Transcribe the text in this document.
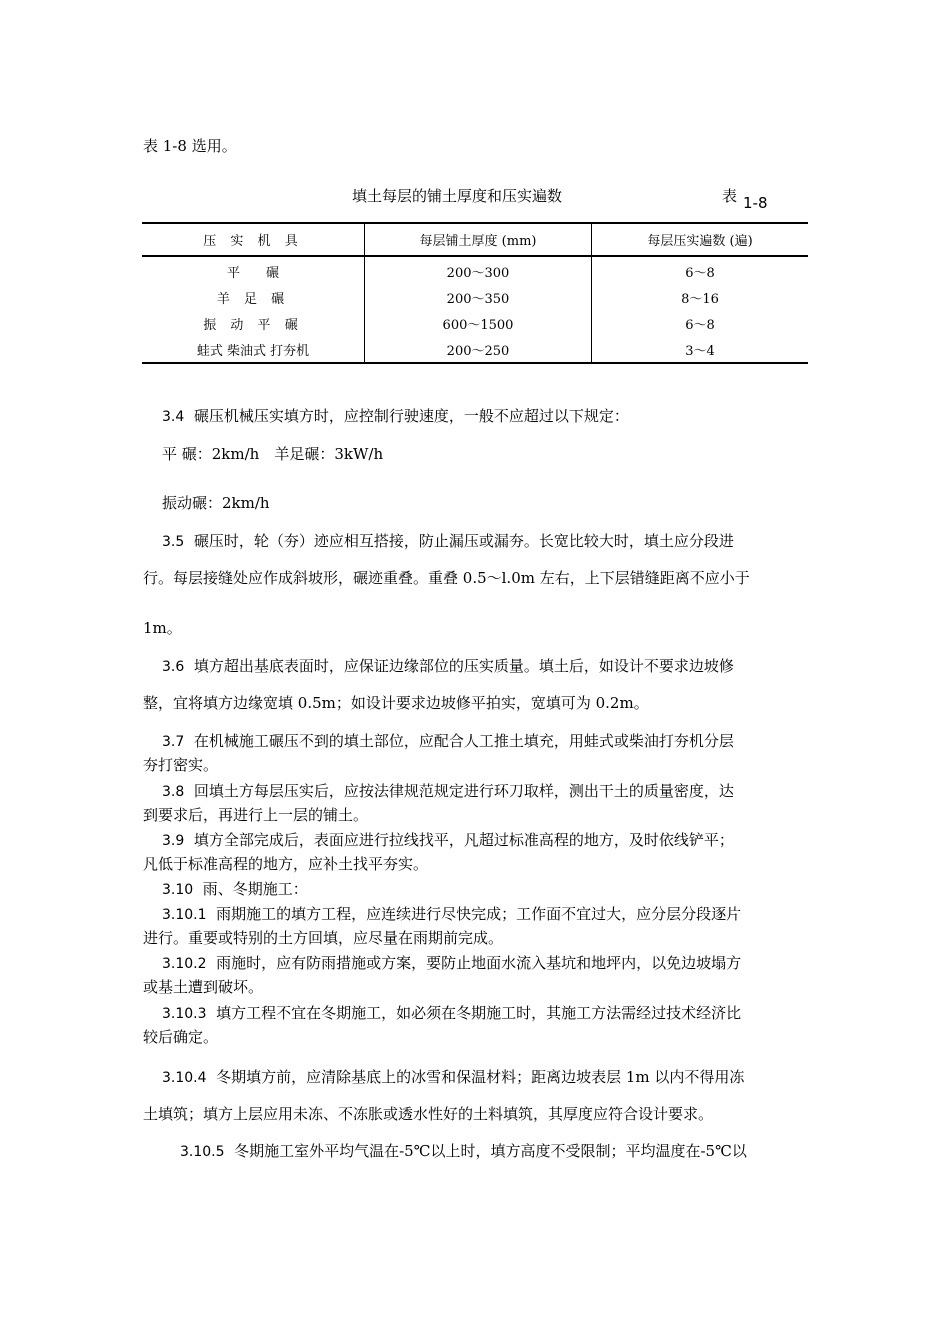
表 1-8 选用。
填土每层的铺土厚度和压实遍数	表 1-8
压 实 机 具	每层铺土厚度 (mm)	每层压实遍数 (遍)
平　　碾	200～300	6～8
羊 足 碾	200～350	8～16
振 动 平 碾	600～1500	6～8
蛙式 柴油式 打夯机	200～250	3～4
3.4 碾压机械压实填方时，应控制行驶速度，一般不应超过以下规定：
平 碾：2km/h　羊足碾：3kW/h
振动碾：2km/h
3.5 碾压时，轮（夯）迹应相互搭接，防止漏压或漏夯。长宽比较大时，填土应分段进
行。每层接缝处应作成斜坡形，碾迹重叠。重叠 0.5～l.0m 左右，上下层错缝距离不应小于
1m。
3.6 填方超出基底表面时，应保证边缘部位的压实质量。填土后，如设计不要求边坡修
整，宜将填方边缘宽填 0.5m；如设计要求边坡修平拍实，宽填可为 0.2m。
3.7 在机械施工碾压不到的填土部位，应配合人工推土填充，用蛙式或柴油打夯机分层
夯打密实。
3.8 回填土方每层压实后，应按法律规范规定进行环刀取样，测出干土的质量密度，达
到要求后，再进行上一层的铺土。
3.9 填方全部完成后，表面应进行拉线找平，凡超过标准高程的地方，及时依线铲平；
凡低于标准高程的地方，应补土找平夯实。
3.10 雨、冬期施工：
3.10.1 雨期施工的填方工程，应连续进行尽快完成；工作面不宜过大，应分层分段逐片
进行。重要或特别的土方回填，应尽量在雨期前完成。
3.10.2 雨施时，应有防雨措施或方案，要防止地面水流入基坑和地坪内，以免边坡塌方
或基土遭到破坏。
3.10.3 填方工程不宜在冬期施工，如必须在冬期施工时，其施工方法需经过技术经济比
较后确定。
3.10.4 冬期填方前，应清除基底上的冰雪和保温材料；距离边坡表层 1m 以内不得用冻
土填筑；填方上层应用未冻、不冻胀或透水性好的土料填筑，其厚度应符合设计要求。
3.10.5 冬期施工室外平均气温在-5℃以上时，填方高度不受限制；平均温度在-5℃以
